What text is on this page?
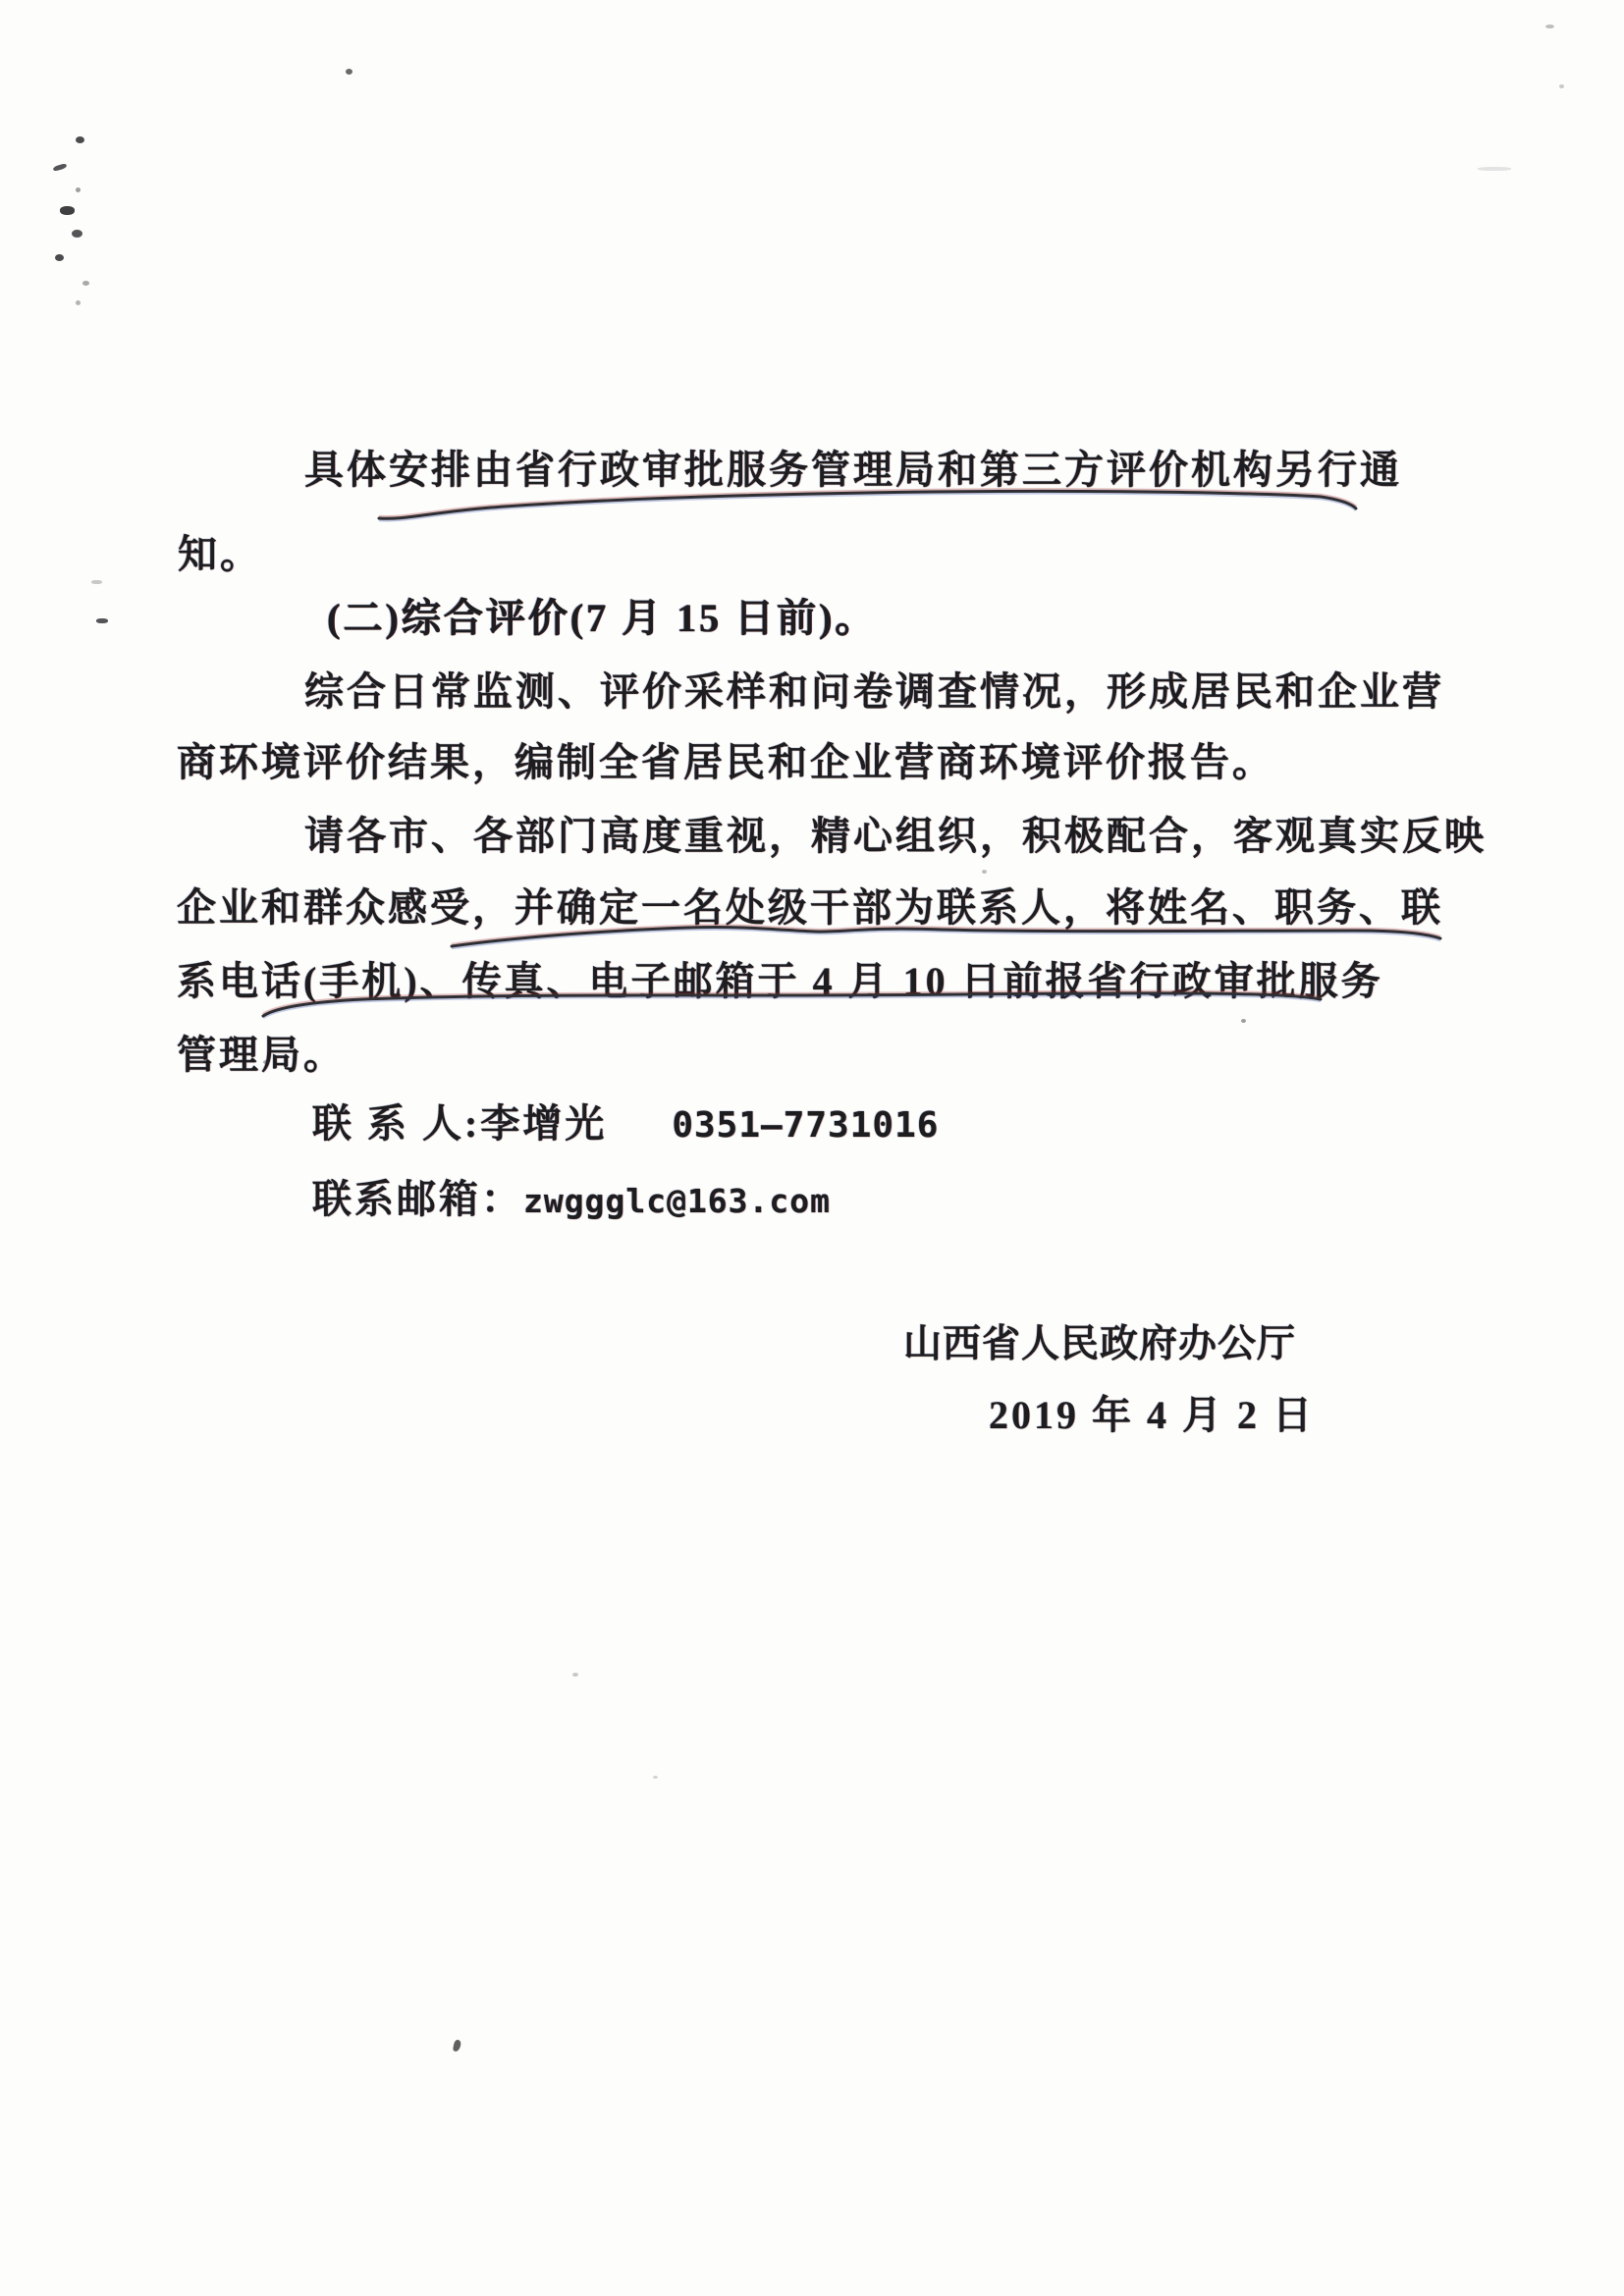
具体安排由省行政审批服务管理局和第三方评价机构另行通
知。
(二)综合评价(7 月 15 日前)。
综合日常监测、评价采样和问卷调查情况，形成居民和企业营
商环境评价结果，编制全省居民和企业营商环境评价报告。
请各市、各部门高度重视，精心组织，积极配合，客观真实反映
企业和群众感受，并确定一名处级干部为联系人，将姓名、职务、联
系电话(手机)、传真、电子邮箱于 4 月 10 日前报省行政审批服务
管理局。
联 系 人:李增光 0351—7731016
联系邮箱：zwggglc@163.com
山西省人民政府办公厅
2019 年 4 月 2 日
